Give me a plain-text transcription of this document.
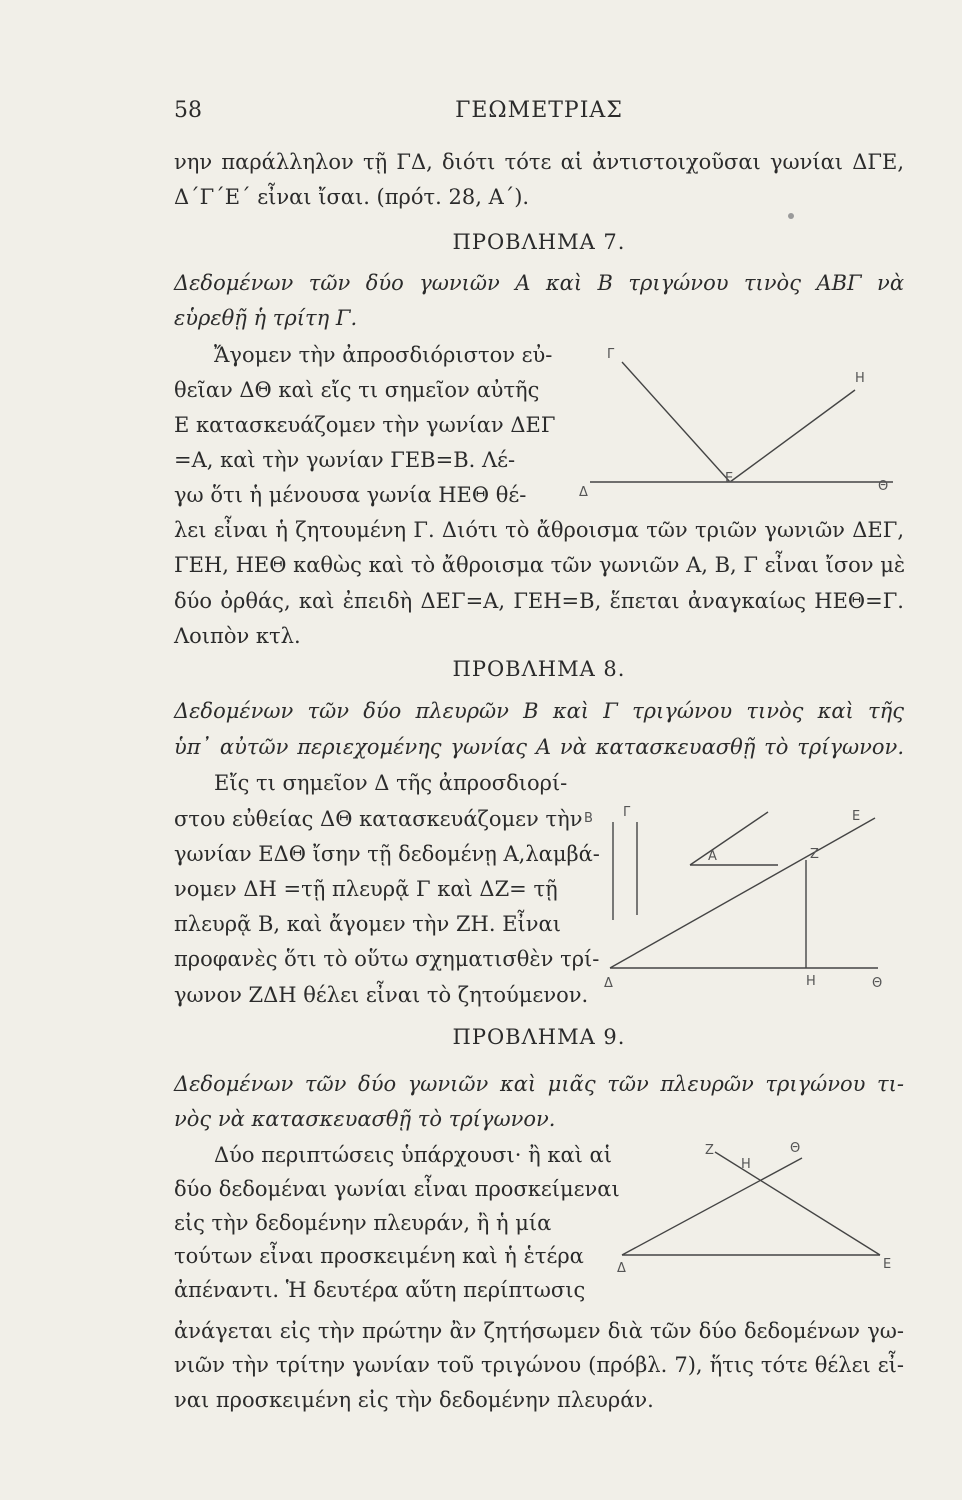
58	ΓΕΩΜΕΤΡΙΑΣ
νην παράλληλον τῇ ΓΔ, διότι τότε αἱ ἀντιστοιχοῦσαι γωνίαι ΔΓΕ,
Δ΄Γ΄Ε΄ εἶναι ἴσαι. (πρότ. 28, Α΄).
ΠΡΟΒΛΗΜΑ 7.
Δεδομένων τῶν δύο γωνιῶν Α καὶ Β τριγώνου τινὸς ΑΒΓ νὰ
εὑρεθῇ ἡ τρίτη Γ.
Ἄγομεν τὴν ἀπροσδιόριστον εὐ-
θεῖαν ΔΘ καὶ εἴς τι σημεῖον αὐτῆς
Ε κατασκευάζομεν τὴν γωνίαν ΔΕΓ
=Α, καὶ τὴν γωνίαν ΓΕΒ=Β. Λέ-
γω ὅτι ἡ μένουσα γωνία ΗΕΘ θέ-
Γ
Η
Δ
Ε
Θ
λει εἶναι ἡ ζητουμένη Γ. Διότι τὸ ἄθροισμα τῶν τριῶν γωνιῶν ΔΕΓ,
ΓΕΗ, ΗΕΘ καθὼς καὶ τὸ ἄθροισμα τῶν γωνιῶν Α, Β, Γ εἶναι ἴσον μὲ
δύο ὀρθάς, καὶ ἐπειδὴ ΔΕΓ=Α, ΓΕΗ=Β, ἕπεται ἀναγκαίως ΗΕΘ=Γ.
Λοιπὸν κτλ.
ΠΡΟΒΛΗΜΑ 8.
Δεδομένων τῶν δύο πλευρῶν Β καὶ Γ τριγώνου τινὸς καὶ τῆς
ὑπ᾿ αὐτῶν περιεχομένης γωνίας Α νὰ κατασκευασθῇ τὸ τρίγωνον.
Εἴς τι σημεῖον Δ τῆς ἀπροσδιορί-
στου εὐθείας ΔΘ κατασκευάζομεν τὴν
γωνίαν ΕΔΘ ἴσην τῇ δεδομένῃ Α,λαμβά-
νομεν ΔΗ =τῇ πλευρᾷ Γ καὶ ΔΖ= τῇ
πλευρᾷ Β, καὶ ἄγομεν τὴν ΖΗ. Εἶναι
προφανὲς ὅτι τὸ οὕτω σχηματισθὲν τρί-
γωνον ΖΔΗ θέλει εἶναι τὸ ζητούμενον.
Β Γ	Ε
Α	Ζ
Δ	Η	Θ
ΠΡΟΒΛΗΜΑ 9.
Δεδομένων τῶν δύο γωνιῶν καὶ μιᾶς τῶν πλευρῶν τριγώνου τι-
νὸς νὰ κατασκευασθῇ τὸ τρίγωνον.
Δύο περιπτώσεις ὑπάρχουσι· ἢ καὶ αἱ
δύο δεδομέναι γωνίαι εἶναι προσκείμεναι
εἰς τὴν δεδομένην πλευράν, ἢ ἡ μία
τούτων εἶναι προσκειμένη καὶ ἡ ἑτέρα
ἀπέναντι. Ἡ δευτέρα αὕτη περίπτωσις
Ζ
Η
Θ
Δ	Ε
ἀνάγεται εἰς τὴν πρώτην ἂν ζητήσωμεν διὰ τῶν δύο δεδομένων γω-
νιῶν τὴν τρίτην γωνίαν τοῦ τριγώνου (πρόβλ. 7), ἥτις τότε θέλει εἶ-
ναι προσκειμένη εἰς τὴν δεδομένην πλευράν.
